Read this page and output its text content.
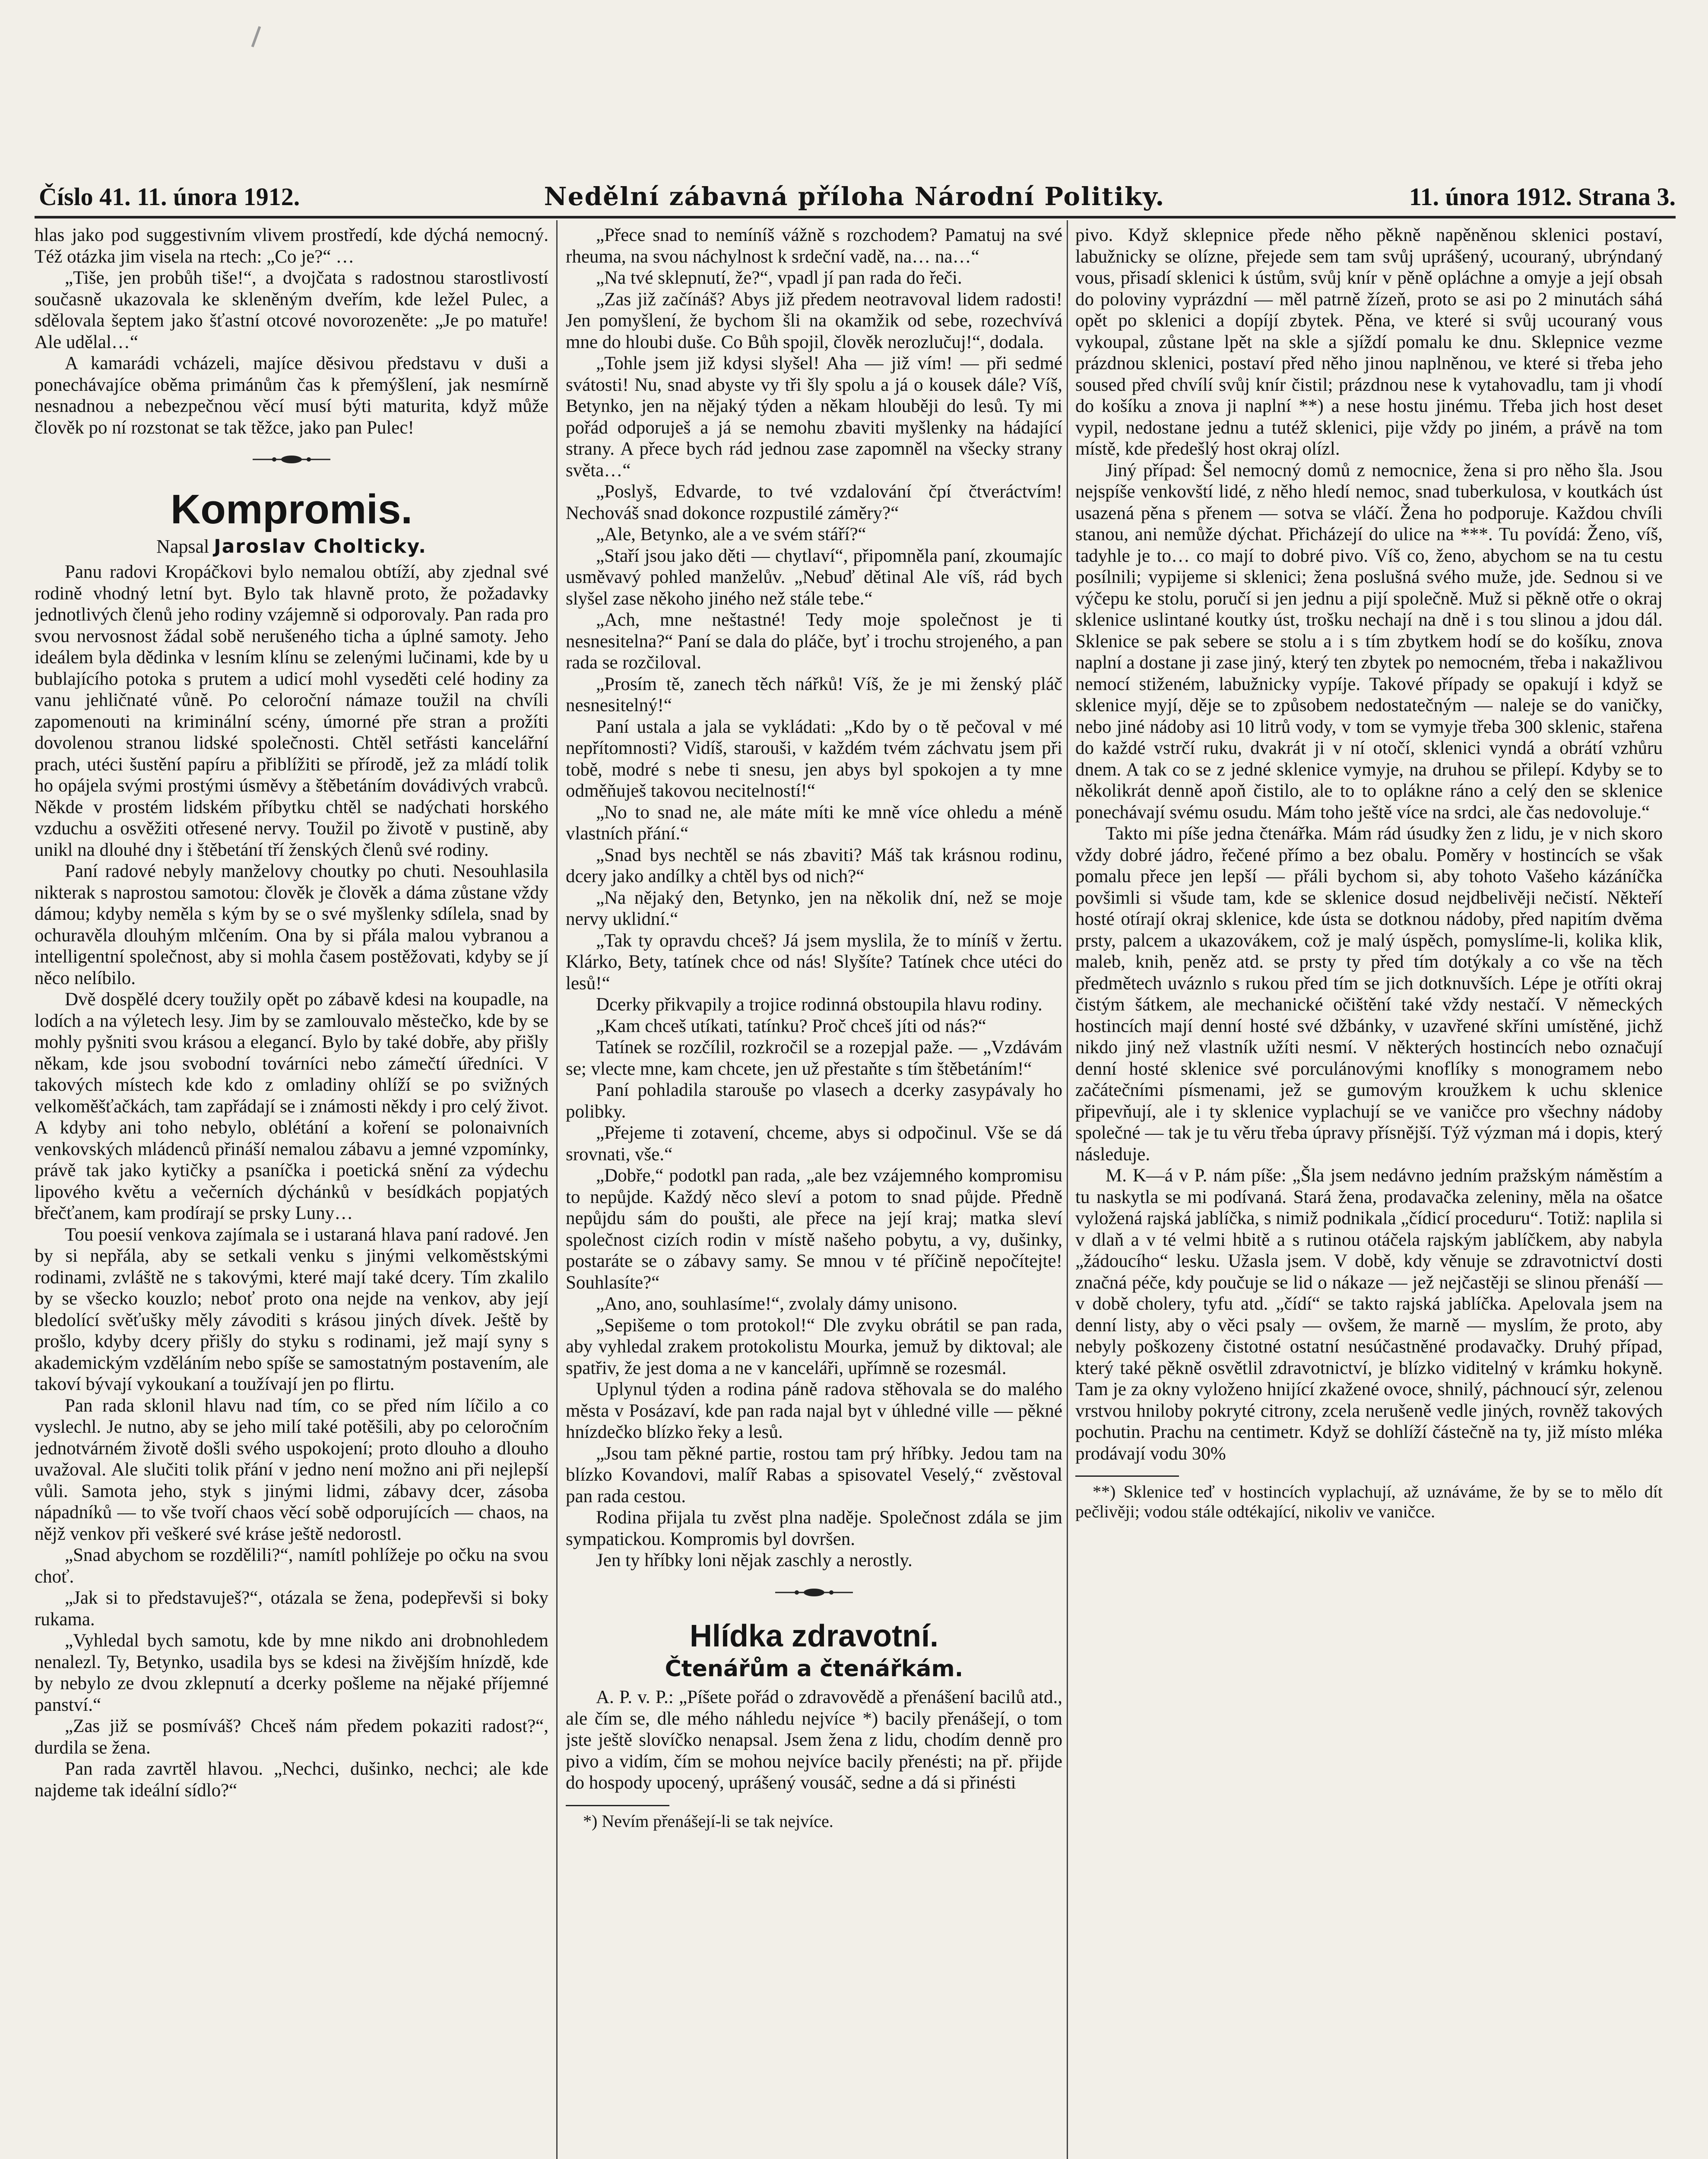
Číslo 41. 11. února 1912.	Nedělní zábavná příloha Národní Politiky.	11. února 1912. Strana 3.

hlas jako pod suggestivním vlivem prostředí, kde dýchá nemocný. Též otázka jim visela na rtech: „Co je?“ …

„Tiše, jen probůh tiše!“, a dvojčata s radostnou starostlivostí současně ukazovala ke skleněným dveřím, kde ležel Pulec, a sdělovala šeptem jako šťastní otcové novorozeněte: „Je po matuře! Ale udělal…“

A kamarádi vcházeli, majíce děsivou představu v duši a ponechávajíce oběma primánům čas k přemýšlení, jak nesmírně nesnadnou a nebezpečnou věcí musí býti maturita, když může člověk po ní rozstonat se tak těžce, jako pan Pulec!

Kompromis.
Napsal Jaroslav Cholticky.

Panu radovi Kropáčkovi bylo nemalou obtíží, aby zjednal své rodině vhodný letní byt. Bylo tak hlavně proto, že požadavky jednotlivých členů jeho rodiny vzájemně si odporovaly. Pan rada pro svou nervosnost žádal sobě nerušeného ticha a úplné samoty. Jeho ideálem byla dědinka v lesním klínu se zelenými lučinami, kde by u bublajícího potoka s prutem a udicí mohl vyseděti celé hodiny za vanu jehličnaté vůně. Po celoroční námaze toužil na chvíli zapomenouti na kriminální scény, úmorné pře stran a prožíti dovolenou stranou lidské společnosti. Chtěl setřásti kancelářní prach, utéci šustění papíru a přiblížiti se přírodě, jež za mládí tolik ho opájela svými prostými úsměvy a štěbetáním dovádivých vrabců. Někde v prostém lidském příbytku chtěl se nadýchati horského vzduchu a osvěžiti otřesené nervy. Toužil po životě v pustině, aby unikl na dlouhé dny i štěbetání tří ženských členů své rodiny.

Paní radové nebyly manželovy choutky po chuti. Nesouhlasila nikterak s naprostou samotou: člověk je člověk a dáma zůstane vždy dámou; kdyby neměla s kým by se o své myšlenky sdílela, snad by ochuravěla dlouhým mlčením. Ona by si přála malou vybranou a intelligentní společnost, aby si mohla časem postěžovati, kdyby se jí něco nelíbilo.

Dvě dospělé dcery toužily opět po zábavě kdesi na koupadle, na lodích a na výletech lesy. Jim by se zamlouvalo městečko, kde by se mohly pyšniti svou krásou a elegancí. Bylo by také dobře, aby přišly někam, kde jsou svobodní továrníci nebo zámečtí úředníci. V takových místech kde kdo z omladiny ohlíží se po svižných velkoměšťačkách, tam zapřádají se i známosti někdy i pro celý život. A kdyby ani toho nebylo, oblétání a koření se polonaivních venkovských mládenců přináší nemalou zábavu a jemné vzpomínky, právě tak jako kytičky a psaníčka i poetická snění za výdechu lipového květu a večerních dýchánků v besídkách popjatých břečťanem, kam prodírají se prsky Luny…

Tou poesií venkova zajímala se i ustaraná hlava paní radové. Jen by si nepřála, aby se setkali venku s jinými velkoměstskými rodinami, zvláště ne s takovými, které mají také dcery. Tím zkalilo by se všecko kouzlo; neboť proto ona nejde na venkov, aby její bledolící svěťušky měly závoditi s krásou jiných dívek. Ještě by prošlo, kdyby dcery přišly do styku s rodinami, jež mají syny s akademickým vzděláním nebo spíše se samostatným postavením, ale takoví bývají vykoukaní a toužívají jen po flirtu.

Pan rada sklonil hlavu nad tím, co se před ním líčilo a co vyslechl. Je nutno, aby se jeho milí také potěšili, aby po celoročním jednotvárném životě došli svého uspokojení; proto dlouho a dlouho uvažoval. Ale slučiti tolik přání v jedno není možno ani při nejlepší vůli. Samota jeho, styk s jinými lidmi, zábavy dcer, zásoba nápadníků — to vše tvoří chaos věcí sobě odporujících — chaos, na nějž venkov při veškeré své kráse ještě nedorostl.

„Snad abychom se rozdělili?“, namítl pohlížeje po očku na svou choť.

„Jak si to představuješ?“, otázala se žena, podepřevši si boky rukama.

„Vyhledal bych samotu, kde by mne nikdo ani drobnohledem nenalezl. Ty, Betynko, usadila bys se kdesi na živějším hnízdě, kde by nebylo ze dvou zklepnutí a dcerky pošleme na nějaké příjemné panství.“

„Zas již se posmíváš? Chceš nám předem pokaziti radost?“, durdila se žena.

Pan rada zavrtěl hlavou. „Nechci, dušinko, nechci; ale kde najdeme tak ideální sídlo?“

„Přece snad to nemíníš vážně s rozchodem? Pamatuj na své rheuma, na svou náchylnost k srdeční vadě, na… na…“

„Na tvé sklepnutí, že?“, vpadl jí pan rada do řeči.

„Zas již začínáš? Abys již předem neotravoval lidem radosti! Jen pomyšlení, že bychom šli na okamžik od sebe, rozechvívá mne do hloubi duše. Co Bůh spojil, člověk nerozlučuj!“, dodala.

„Tohle jsem již kdysi slyšel! Aha — již vím! — při sedmé svátosti! Nu, snad abyste vy tři šly spolu a já o kousek dále? Víš, Betynko, jen na nějaký týden a někam hlouběji do lesů. Ty mi pořád odporuješ a já se nemohu zbaviti myšlenky na hádající strany. A přece bych rád jednou zase zapomněl na všecky strany světa…“

„Poslyš, Edvarde, to tvé vzdalování čpí čtveráctvím! Nechováš snad dokonce rozpustilé záměry?“

„Ale, Betynko, ale a ve svém stáří?“

„Staří jsou jako děti — chytlaví“, připomněla paní, zkoumajíc usměvavý pohled manželův. „Nebuď dětinal Ale víš, rád bych slyšel zase někoho jiného než stále tebe.“

„Ach, mne neštastné! Tedy moje společnost je ti nesnesitelna?“ Paní se dala do pláče, byť i trochu strojeného, a pan rada se rozčiloval.

„Prosím tě, zanech těch nářků! Víš, že je mi ženský pláč nesnesitelný!“

Paní ustala a jala se vykládati: „Kdo by o tě pečoval v mé nepřítomnosti? Vidíš, starouši, v každém tvém záchvatu jsem při tobě, modré s nebe ti snesu, jen abys byl spokojen a ty mne odměňuješ takovou necitelností!“

„No to snad ne, ale máte míti ke mně více ohledu a méně vlastních přání.“

„Snad bys nechtěl se nás zbaviti? Máš tak krásnou rodinu, dcery jako andílky a chtěl bys od nich?“

„Na nějaký den, Betynko, jen na několik dní, než se moje nervy uklidní.“

„Tak ty opravdu chceš? Já jsem myslila, že to míníš v žertu. Klárko, Bety, tatínek chce od nás! Slyšíte? Tatínek chce utéci do lesů!“

Dcerky přikvapily a trojice rodinná obstoupila hlavu rodiny.

„Kam chceš utíkati, tatínku? Proč chceš jíti od nás?“

Tatínek se rozčílil, rozkročil se a rozepjal paže. — „Vzdávám se; vlecte mne, kam chcete, jen už přestaňte s tím štěbetáním!“

Paní pohladila starouše po vlasech a dcerky zasypávaly ho polibky.

„Přejeme ti zotavení, chceme, abys si odpočinul. Vše se dá srovnati, vše.“

„Dobře,“ podotkl pan rada, „ale bez vzájemného kompromisu to nepůjde. Každý něco sleví a potom to snad půjde. Předně nepůjdu sám do poušti, ale přece na její kraj; matka sleví společnost cizích rodin v místě našeho pobytu, a vy, dušinky, postaráte se o zábavy samy. Se mnou v té příčině nepočítejte! Souhlasíte?“

„Ano, ano, souhlasíme!“, zvolaly dámy unisono.

„Sepišeme o tom protokol!“ Dle zvyku obrátil se pan rada, aby vyhledal zrakem protokolistu Mourka, jemuž by diktoval; ale spatřiv, že jest doma a ne v kanceláři, upřímně se rozesmál.

Uplynul týden a rodina páně radova stěhovala se do malého města v Posázaví, kde pan rada najal byt v úhledné ville — pěkné hnízdečko blízko řeky a lesů.

„Jsou tam pěkné partie, rostou tam prý hříbky. Jedou tam na blízko Kovandovi, malíř Rabas a spisovatel Veselý,“ zvěstoval pan rada cestou.

Rodina přijala tu zvěst plna naděje. Společnost zdála se jim sympatickou. Kompromis byl dovršen.

Jen ty hříbky loni nějak zaschly a nerostly.

Hlídka zdravotní.
Čtenářům a čtenářkám.

A. P. v. P.: „Píšete pořád o zdravovědě a přenášení bacilů atd., ale čím se, dle mého náhledu nejvíce *) bacily přenášejí, o tom jste ještě slovíčko nenapsal. Jsem žena z lidu, chodím denně pro pivo a vidím, čím se mohou nejvíce bacily přenésti; na př. přijde do hospody upocený, uprášený vousáč, sedne a dá si přinésti

*) Nevím přenášejí-li se tak nejvíce.

pivo. Když sklepnice přede něho pěkně napěněnou sklenici postaví, labužnicky se olízne, přejede sem tam svůj uprášený, ucouraný, ubrýndaný vous, přisadí sklenici k ústům, svůj knír v pěně opláchne a omyje a její obsah do poloviny vyprázdní — měl patrně žízeň, proto se asi po 2 minutách sáhá opět po sklenici a dopíjí zbytek. Pěna, ve které si svůj ucouraný vous vykoupal, zůstane lpět na skle a sjíždí pomalu ke dnu. Sklepnice vezme prázdnou sklenici, postaví před něho jinou naplněnou, ve které si třeba jeho soused před chvílí svůj knír čistil; prázdnou nese k vytahovadlu, tam ji vhodí do košíku a znova ji naplní **) a nese hostu jinému. Třeba jich host deset vypil, nedostane jednu a tutéž sklenici, pije vždy po jiném, a právě na tom místě, kde předešlý host okraj olízl.

Jiný případ: Šel nemocný domů z nemocnice, žena si pro něho šla. Jsou nejspíše venkovští lidé, z něho hledí nemoc, snad tuberkulosa, v koutkách úst usazená pěna s přenem — sotva se vláčí. Žena ho podporuje. Každou chvíli stanou, ani nemůže dýchat. Přicházejí do ulice na ***. Tu povídá: Ženo, víš, tadyhle je to… co mají to dobré pivo. Víš co, ženo, abychom se na tu cestu posílnili; vypijeme si sklenici; žena poslušná svého muže, jde. Sednou si ve výčepu ke stolu, poručí si jen jednu a pijí společně. Muž si pěkně otře o okraj sklenice uslintané koutky úst, trošku nechají na dně i s tou slinou a jdou dál. Sklenice se pak sebere se stolu a i s tím zbytkem hodí se do košíku, znova naplní a dostane ji zase jiný, který ten zbytek po nemocném, třeba i nakažlivou nemocí stiženém, labužnicky vypíje. Takové případy se opakují i když se sklenice myjí, děje se to způsobem nedostatečným — naleje se do vaničky, nebo jiné nádoby asi 10 litrů vody, v tom se vymyje třeba 300 sklenic, stařena do každé vstrčí ruku, dvakrát ji v ní otočí, sklenici vyndá a obrátí vzhůru dnem. A tak co se z jedné sklenice vymyje, na druhou se přilepí. Kdyby se to několikrát denně apoň čistilo, ale to to oplákne ráno a celý den se sklenice ponechávají svému osudu. Mám toho ještě více na srdci, ale čas nedovoluje.“

Takto mi píše jedna čtenářka. Mám rád úsudky žen z lidu, je v nich skoro vždy dobré jádro, řečené přímo a bez obalu. Poměry v hostincích se však pomalu přece jen lepší — přáli bychom si, aby tohoto Vašeho kázáníčka povšimli si všude tam, kde se sklenice dosud nejdbelivěji nečistí. Někteří hosté otírají okraj sklenice, kde ústa se dotknou nádoby, před napitím dvěma prsty, palcem a ukazovákem, což je malý úspěch, pomyslíme-li, kolika klik, maleb, knih, peněz atd. se prsty ty před tím dotýkaly a co vše na těch předmětech uváznlo s rukou před tím se jich dotknuvších. Lépe je otříti okraj čistým šátkem, ale mechanické očištění také vždy nestačí. V německých hostincích mají denní hosté své džbánky, v uzavřené skříni umístěné, jichž nikdo jiný než vlastník užíti nesmí. V některých hostincích nebo označují denní hosté sklenice své porculánovými knoflíky s monogramem nebo začátečními písmenami, jež se gumovým kroužkem k uchu sklenice připevňují, ale i ty sklenice vyplachují se ve vaničce pro všechny nádoby společné — tak je tu věru třeba úpravy přísnější. Týž výzman má i dopis, který následuje.

M. K—á v P. nám píše: „Šla jsem nedávno jedním pražským náměstím a tu naskytla se mi podívaná. Stará žena, prodavačka zeleniny, měla na ošatce vyložená rajská jablíčka, s nimiž podnikala „čídicí proceduru“. Totiž: naplila si v dlaň a v té velmi hbitě a s rutinou otáčela rajským jablíčkem, aby nabyla „žádoucího“ lesku. Užasla jsem. V době, kdy věnuje se zdravotnictví dosti značná péče, kdy poučuje se lid o nákaze — jež nejčastěji se slinou přenáší — v době cholery, tyfu atd. „čídí“ se takto rajská jablíčka. Apelovala jsem na denní listy, aby o věci psaly — ovšem, že marně — myslím, že proto, aby nebyly poškozeny čistotné ostatní nesúčastněné prodavačky. Druhý případ, který také pěkně osvětlil zdravotnictví, je blízko viditelný v krámku hokyně. Tam je za okny vyloženo hnijící zkažené ovoce, shnilý, páchnoucí sýr, zelenou vrstvou hniloby pokryté citrony, zcela nerušeně vedle jiných, rovněž takových pochutin. Prachu na centimetr. Když se dohlíží částečně na ty, již místo mléka prodávají vodu 30%

**) Sklenice teď v hostincích vyplachují, až uznáváme, že by se to mělo dít pečlivěji; vodou stále odtékající, nikoliv ve vaničce.
